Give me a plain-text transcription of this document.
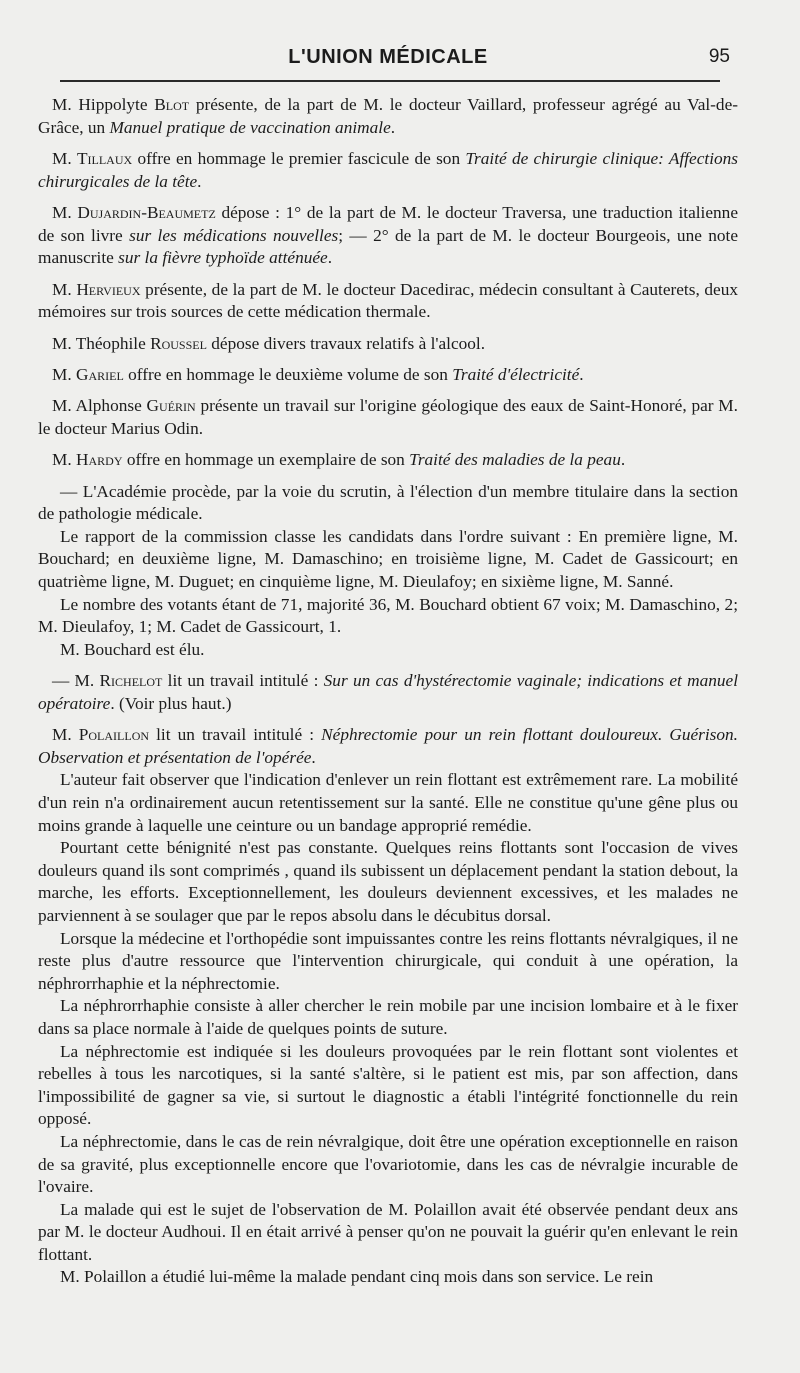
L'UNION MÉDICALE	95

M. Hippolyte Blot présente, de la part de M. le docteur Vaillard, professeur agrégé au Val-de-Grâce, un Manuel pratique de vaccination animale.

M. Tillaux offre en hommage le premier fascicule de son Traité de chirurgie clinique: Affections chirurgicales de la tête.

M. Dujardin-Beaumetz dépose : 1° de la part de M. le docteur Traversa, une traduction italienne de son livre sur les médications nouvelles; — 2° de la part de M. le docteur Bourgeois, une note manuscrite sur la fièvre typhoïde atténuée.

M. Hervieux présente, de la part de M. le docteur Dacedirac, médecin consultant à Cauterets, deux mémoires sur trois sources de cette médication thermale.

M. Théophile Roussel dépose divers travaux relatifs à l'alcool.

M. Gariel offre en hommage le deuxième volume de son Traité d'électricité.

M. Alphonse Guérin présente un travail sur l'origine géologique des eaux de Saint-Honoré, par M. le docteur Marius Odin.

M. Hardy offre en hommage un exemplaire de son Traité des maladies de la peau.

— L'Académie procède, par la voie du scrutin, à l'élection d'un membre titulaire dans la section de pathologie médicale.

Le rapport de la commission classe les candidats dans l'ordre suivant : En première ligne, M. Bouchard; en deuxième ligne, M. Damaschino; en troisième ligne, M. Cadet de Gassicourt; en quatrième ligne, M. Duguet; en cinquième ligne, M. Dieulafoy; en sixième ligne, M. Sanné.

Le nombre des votants étant de 71, majorité 36, M. Bouchard obtient 67 voix; M. Damaschino, 2; M. Dieulafoy, 1; M. Cadet de Gassicourt, 1.

M. Bouchard est élu.

— M. Richelot lit un travail intitulé : Sur un cas d'hystérectomie vaginale; indications et manuel opératoire. (Voir plus haut.)

M. Polaillon lit un travail intitulé : Néphrectomie pour un rein flottant douloureux. Guérison. Observation et présentation de l'opérée.

L'auteur fait observer que l'indication d'enlever un rein flottant est extrêmement rare. La mobilité d'un rein n'a ordinairement aucun retentissement sur la santé. Elle ne constitue qu'une gêne plus ou moins grande à laquelle une ceinture ou un bandage approprié remédie.

Pourtant cette bénignité n'est pas constante. Quelques reins flottants sont l'occasion de vives douleurs quand ils sont comprimés , quand ils subissent un déplacement pendant la station debout, la marche, les efforts. Exceptionnellement, les douleurs deviennent excessives, et les malades ne parviennent à se soulager que par le repos absolu dans le décubitus dorsal.

Lorsque la médecine et l'orthopédie sont impuissantes contre les reins flottants névralgiques, il ne reste plus d'autre ressource que l'intervention chirurgicale, qui conduit à une opération, la néphrorrhaphie et la néphrectomie.

La néphrorrhaphie consiste à aller chercher le rein mobile par une incision lombaire et à le fixer dans sa place normale à l'aide de quelques points de suture.

La néphrectomie est indiquée si les douleurs provoquées par le rein flottant sont violentes et rebelles à tous les narcotiques, si la santé s'altère, si le patient est mis, par son affection, dans l'impossibilité de gagner sa vie, si surtout le diagnostic a établi l'intégrité fonctionnelle du rein opposé.

La néphrectomie, dans le cas de rein névralgique, doit être une opération exceptionnelle en raison de sa gravité, plus exceptionnelle encore que l'ovariotomie, dans les cas de névralgie incurable de l'ovaire.

La malade qui est le sujet de l'observation de M. Polaillon avait été observée pendant deux ans par M. le docteur Audhoui. Il en était arrivé à penser qu'on ne pouvait la guérir qu'en enlevant le rein flottant.

M. Polaillon a étudié lui-même la malade pendant cinq mois dans son service. Le rein
